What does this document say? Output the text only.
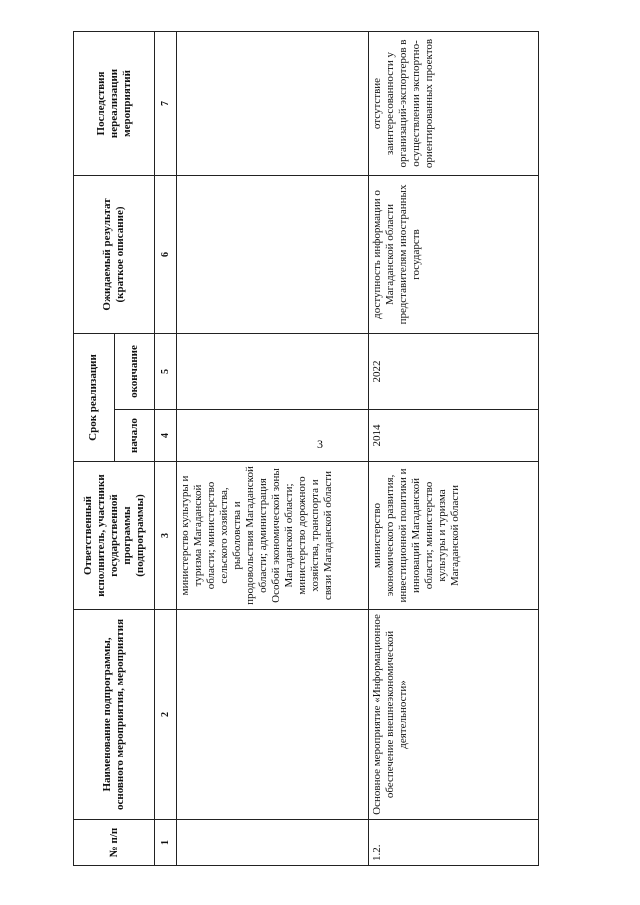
3
№ п/п	Наименование подпрограммы, основного мероприятия, мероприятия	Ответственный исполнитель, участники государственной программы (подпрограммы)	Срок реализации		Ожидаемый результат (краткое описание)	Последствия нереализации мероприятий
			начало	окончание		
1	2	3	4	5	6	7
		министерство культуры и туризма Магаданской области; министерство сельского хозяйства, рыболовства и продовольствия Магаданской области; администрация Особой экономической зоны Магаданской области; министерство дорожного хозяйства, транспорта и связи Магаданской области				
1.2.	Основное мероприятие «Информационное обеспечение внешнеэкономической деятельности»	министерство экономического развития, инвестиционной политики и инноваций Магаданской области; министерство культуры и туризма Магаданской области	2014	2022	доступность информации о Магаданской области представителям иностранных государств	отсутствие заинтересованности у организаций-экспортеров в осуществлении экспортно-ориентированных проектов
